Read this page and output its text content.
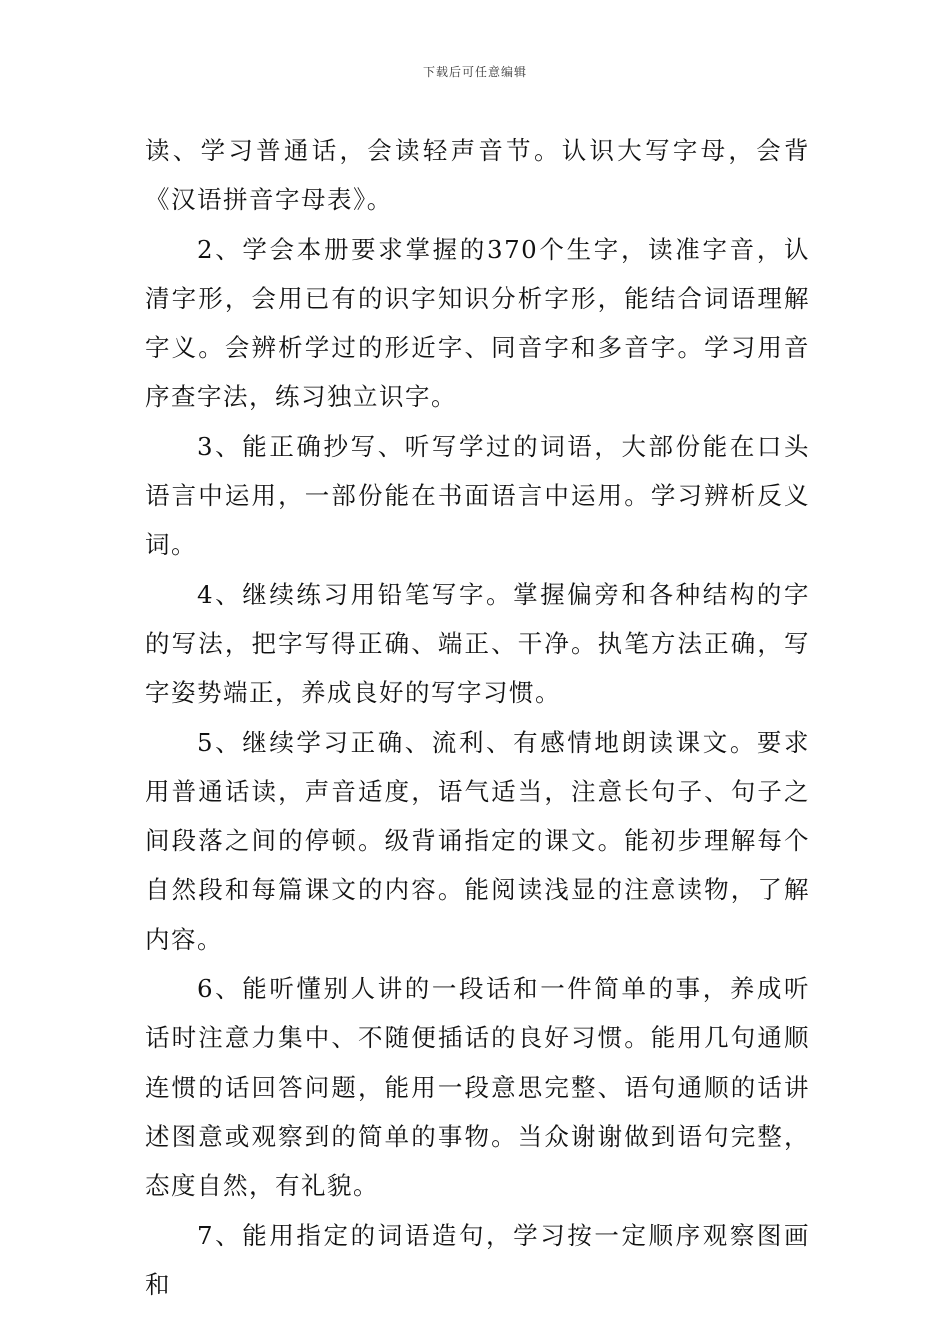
下载后可任意编辑

读、学习普通话，会读轻声音节。认识大写字母，会背《汉语拼音字母表》。

2、学会本册要求掌握的370个生字，读准字音，认清字形，会用已有的识字知识分析字形，能结合词语理解字义。会辨析学过的形近字、同音字和多音字。学习用音序查字法，练习独立识字。

3、能正确抄写、听写学过的词语，大部份能在口头语言中运用，一部份能在书面语言中运用。学习辨析反义词。

4、继续练习用铅笔写字。掌握偏旁和各种结构的字的写法，把字写得正确、端正、干净。执笔方法正确，写字姿势端正，养成良好的写字习惯。

5、继续学习正确、流利、有感情地朗读课文。要求用普通话读，声音适度，语气适当，注意长句子、句子之间段落之间的停顿。级背诵指定的课文。能初步理解每个自然段和每篇课文的内容。能阅读浅显的注意读物，了解内容。

6、能听懂别人讲的一段话和一件简单的事，养成听话时注意力集中、不随便插话的良好习惯。能用几句通顺连惯的话回答问题，能用一段意思完整、语句通顺的话讲述图意或观察到的简单的事物。当众谢谢做到语句完整，态度自然，有礼貌。

7、能用指定的词语造句，学习按一定顺序观察图画和
